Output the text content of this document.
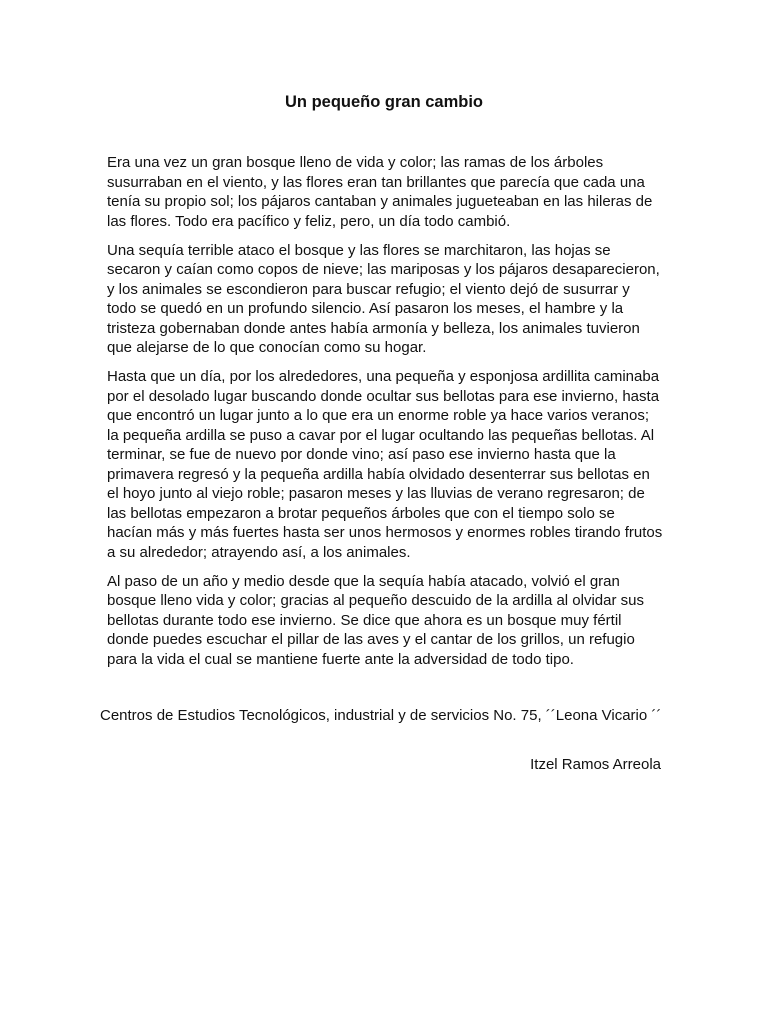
Un pequeño gran cambio

Era una vez un gran bosque lleno de vida y color; las ramas de los árboles susurraban en el viento, y las flores eran tan brillantes que parecía que cada una tenía su propio sol; los pájaros cantaban y animales jugueteaban en las hileras de las flores. Todo era pacífico y feliz, pero, un día todo cambió.

Una sequía terrible ataco el bosque y las flores se marchitaron, las hojas se secaron y caían como copos de nieve; las mariposas y los pájaros desaparecieron, y los animales se escondieron para buscar refugio; el viento dejó de susurrar y todo se quedó en un profundo silencio. Así pasaron los meses, el hambre y la tristeza gobernaban donde antes había armonía y belleza, los animales tuvieron que alejarse de lo que conocían como su hogar.

Hasta que un día, por los alrededores, una pequeña y esponjosa ardillita caminaba por el desolado lugar buscando donde ocultar sus bellotas para ese invierno, hasta que encontró un lugar junto a lo que era un enorme roble ya hace varios veranos; la pequeña ardilla se puso a cavar por el lugar ocultando las pequeñas bellotas. Al terminar, se fue de nuevo por donde vino; así paso ese invierno hasta que la primavera regresó y la pequeña ardilla había olvidado desenterrar sus bellotas en el hoyo junto al viejo roble; pasaron meses y las lluvias de verano regresaron; de las bellotas empezaron a brotar pequeños árboles que con el tiempo solo se hacían más y más fuertes hasta ser unos hermosos y enormes robles tirando frutos a su alrededor; atrayendo así, a los animales.

Al paso de un año y medio desde que la sequía había atacado, volvió el gran bosque lleno vida y color; gracias al pequeño descuido de la ardilla al olvidar sus bellotas durante todo ese invierno. Se dice que ahora es un bosque muy fértil donde puedes escuchar el pillar de las aves y el cantar de los grillos, un refugio para la vida el cual se mantiene fuerte ante la adversidad de todo tipo.

Centros de Estudios Tecnológicos, industrial y de servicios No. 75, ´´Leona Vicario ´´

Itzel Ramos Arreola
